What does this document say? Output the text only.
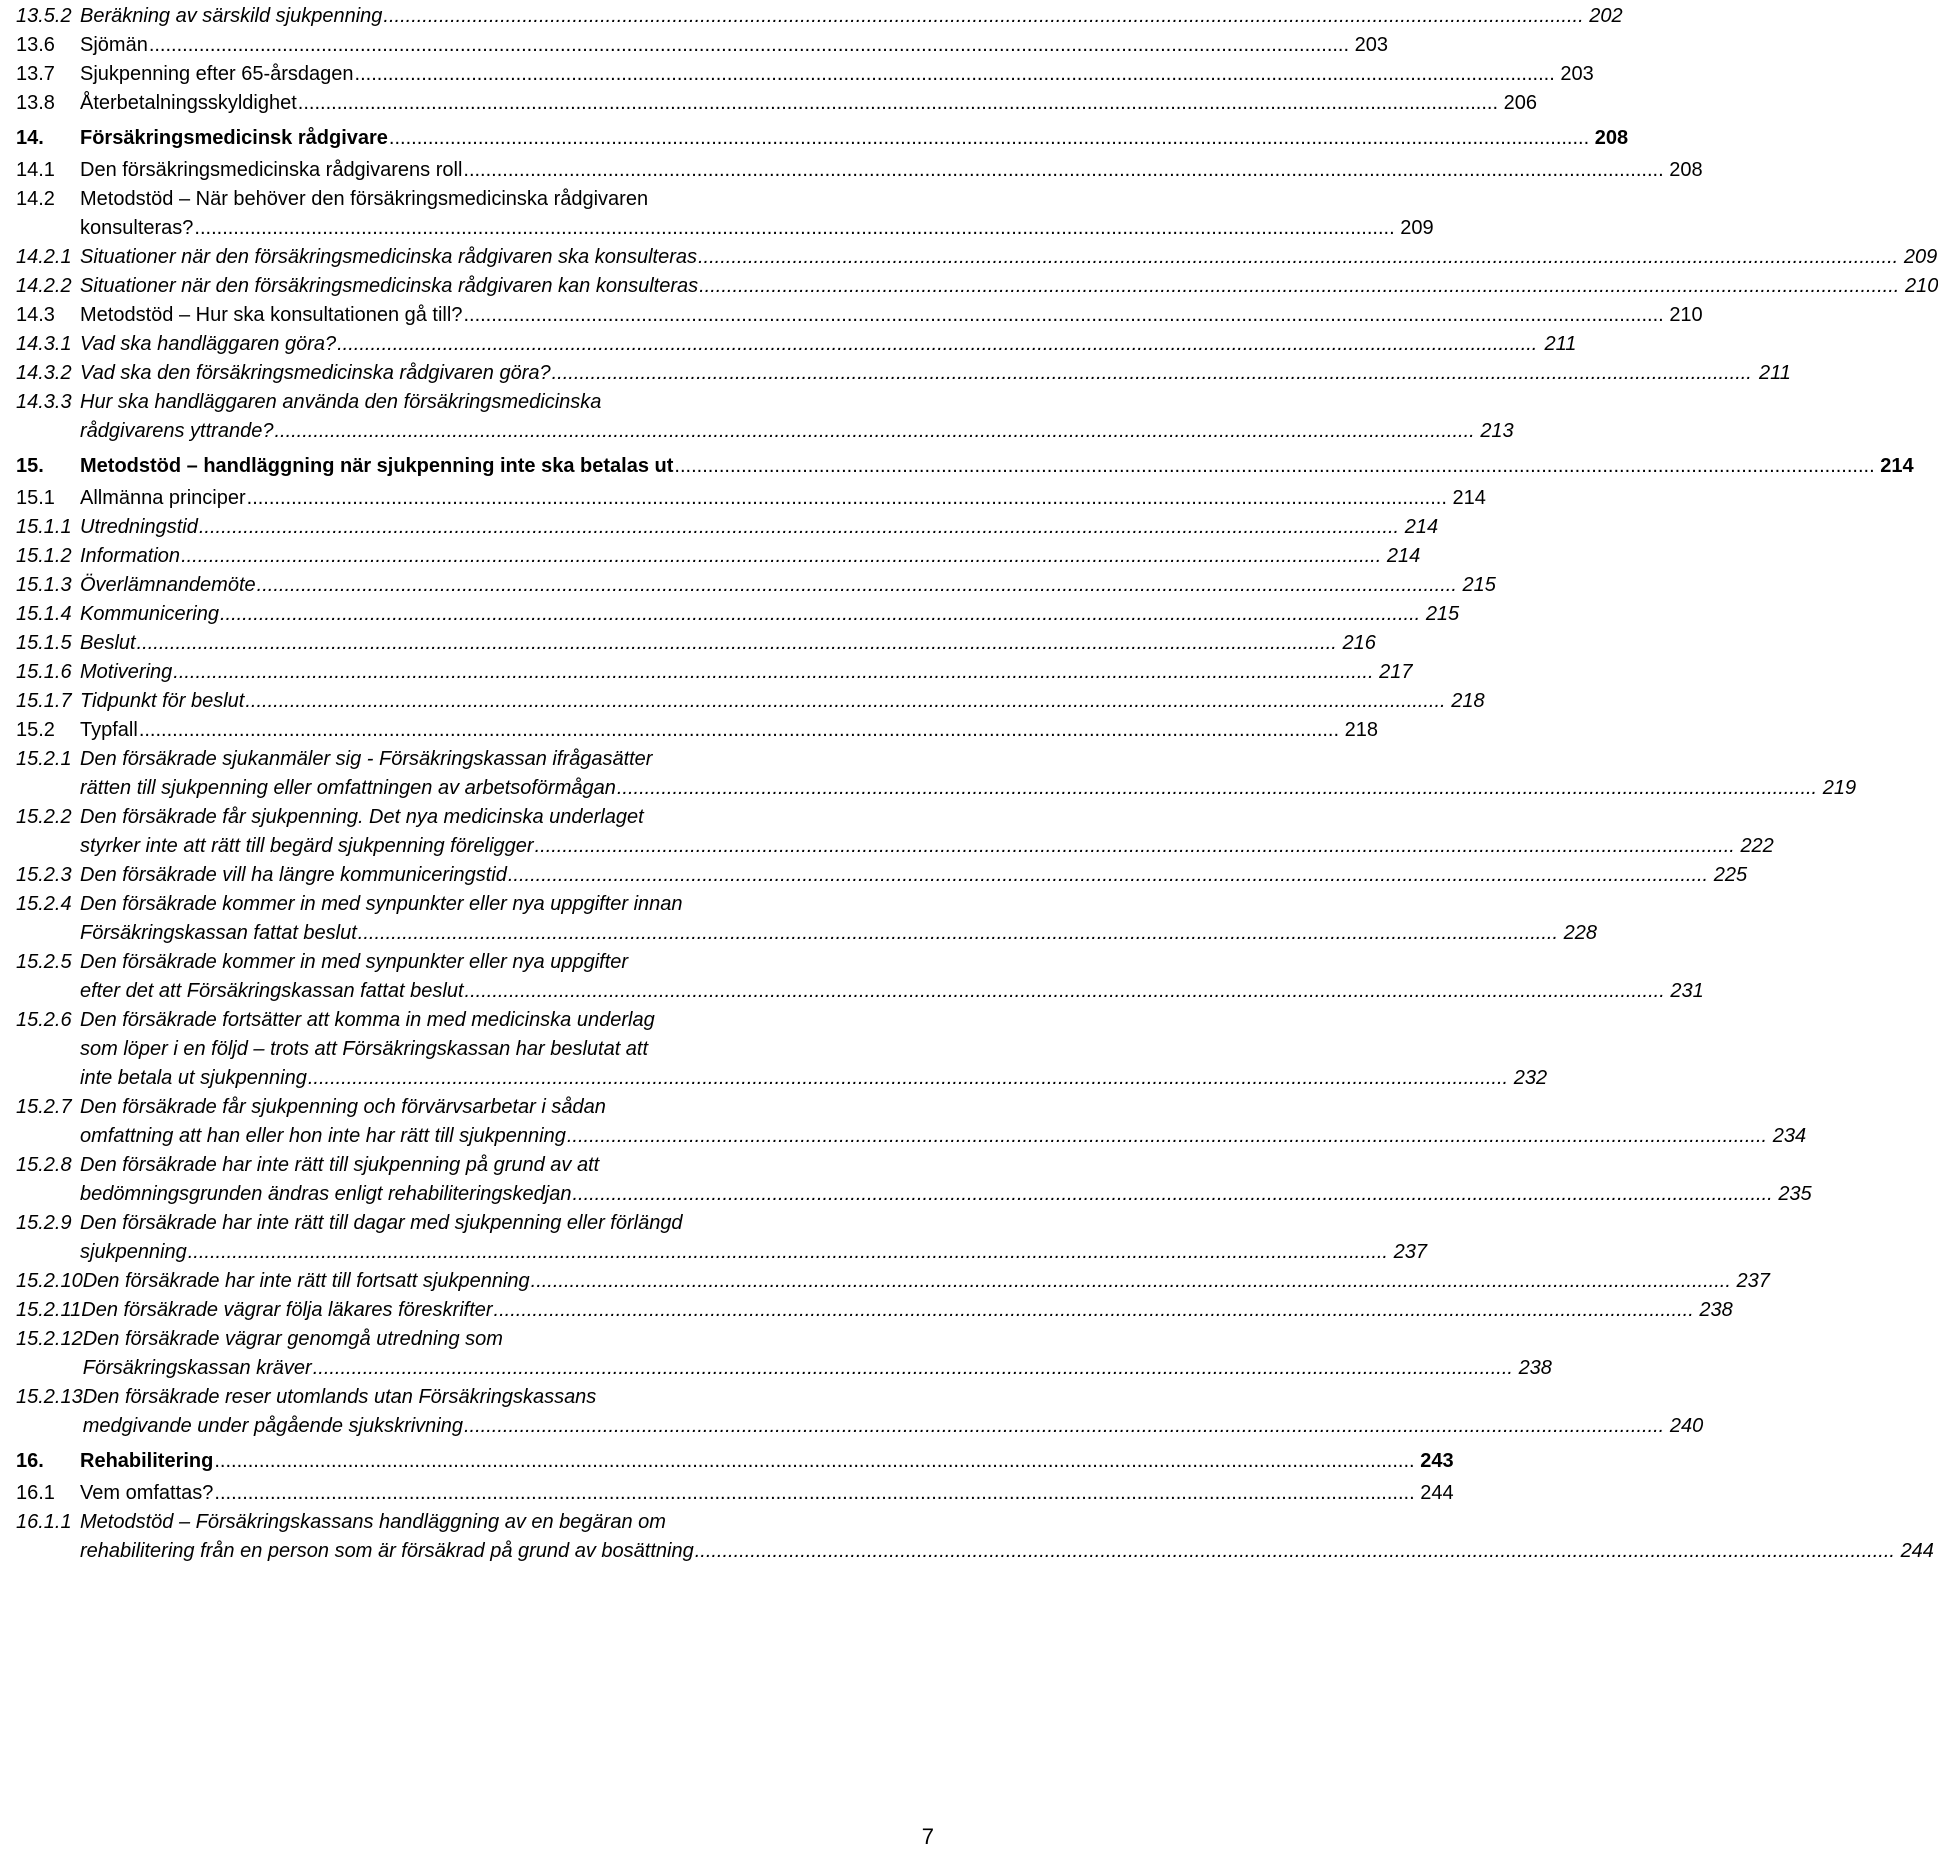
13.5.2 Beräkning av särskild sjukpenning .....	202
13.6	Sjömän .....	203
13.7	Sjukpenning efter 65-årsdagen .....	203
13.8	Återbetalningsskyldighet .....	206
14.	Försäkringsmedicinsk rådgivare .....	208
14.1	Den försäkringsmedicinska rådgivarens roll .....	208
14.2	Metodstöd – När behöver den försäkringsmedicinska rådgivaren
konsulteras? .....	209
14.2.1 Situationer när den försäkringsmedicinska rådgivaren ska konsulteras .....	209
14.2.2 Situationer när den försäkringsmedicinska rådgivaren kan konsulteras .....	210
14.3	Metodstöd – Hur ska konsultationen gå till? .....	210
14.3.1 Vad ska handläggaren göra? .....	211
14.3.2 Vad ska den försäkringsmedicinska rådgivaren göra? .....	211
14.3.3 Hur ska handläggaren använda den försäkringsmedicinska
rådgivarens yttrande? .....	213
15.	Metodstöd – handläggning när sjukpenning inte ska betalas ut .....	214
15.1	Allmänna principer .....	214
15.1.1 Utredningstid .....	214
15.1.2 Information .....	214
15.1.3 Överlämnandemöte .....	215
15.1.4 Kommunicering .....	215
15.1.5 Beslut .....	216
15.1.6 Motivering .....	217
15.1.7 Tidpunkt för beslut .....	218
15.2	Typfall .....	218
15.2.1 Den försäkrade sjukanmäler sig - Försäkringskassan ifrågasätter
rätten till sjukpenning eller omfattningen av arbetsoförmågan .....	219
15.2.2 Den försäkrade får sjukpenning. Det nya medicinska underlaget
styrker inte att rätt till begärd sjukpenning föreligger .....	222
15.2.3 Den försäkrade vill ha längre kommuniceringstid .....	225
15.2.4 Den försäkrade kommer in med synpunkter eller nya uppgifter innan
Försäkringskassan fattat beslut .....	228
15.2.5 Den försäkrade kommer in med synpunkter eller nya uppgifter
efter det att Försäkringskassan fattat beslut .....	231
15.2.6 Den försäkrade fortsätter att komma in med medicinska underlag
som löper i en följd – trots att Försäkringskassan har beslutat att
inte betala ut sjukpenning .....	232
15.2.7 Den försäkrade får sjukpenning och förvärvsarbetar i sådan
omfattning att han eller hon inte har rätt till sjukpenning .....	234
15.2.8 Den försäkrade har inte rätt till sjukpenning på grund av att
bedömningsgrunden ändras enligt rehabiliteringskedjan .....	235
15.2.9 Den försäkrade har inte rätt till dagar med sjukpenning eller förlängd
sjukpenning .....	237
15.2.10 Den försäkrade har inte rätt till fortsatt sjukpenning .....	237
15.2.11 Den försäkrade vägrar följa läkares föreskrifter .....	238
15.2.12 Den försäkrade vägrar genomgå utredning som
Försäkringskassan kräver .....	238
15.2.13 Den försäkrade reser utomlands utan Försäkringskassans
medgivande under pågående sjukskrivning .....	240
16.	Rehabilitering .....	243
16.1	Vem omfattas? .....	244
16.1.1 Metodstöd – Försäkringskassans handläggning av en begäran om
rehabilitering från en person som är försäkrad på grund av bosättning .....	244
7
